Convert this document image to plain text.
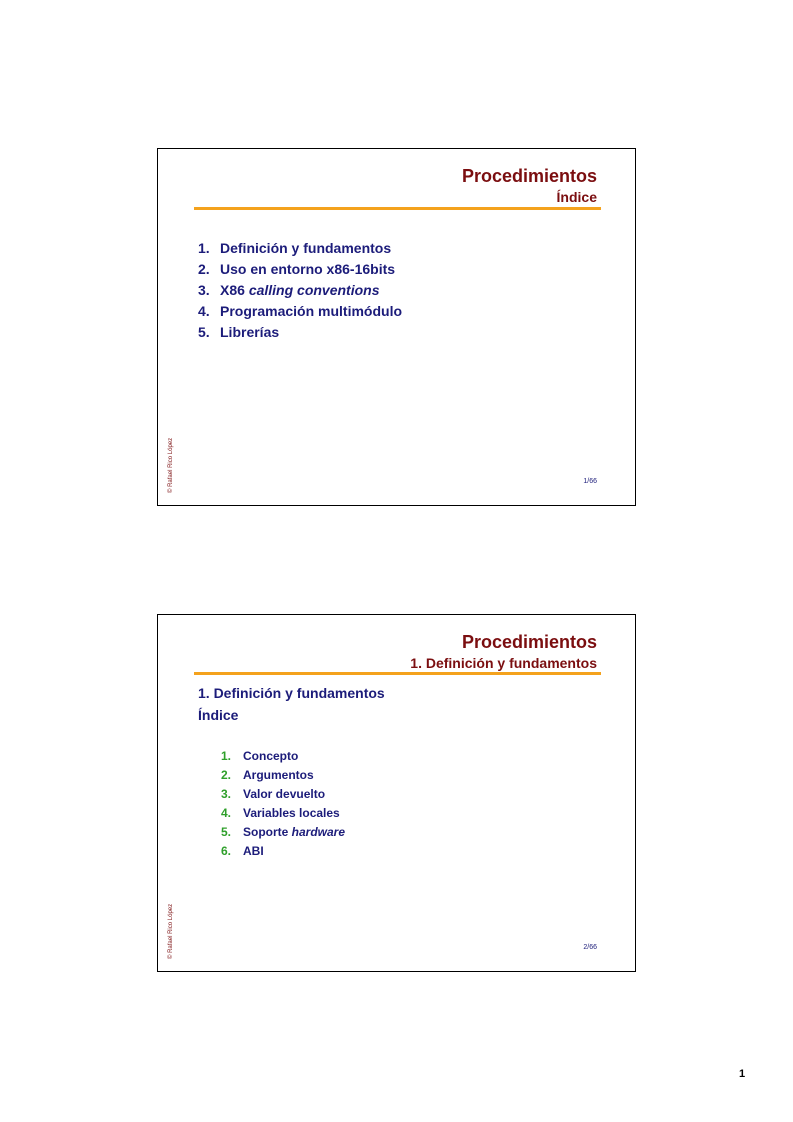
Procedimientos
Índice
1. Definición y fundamentos
2. Uso en entorno x86-16bits
3. X86 calling conventions
4. Programación multimódulo
5. Librerías
© Rafael Rico López	1/66
Procedimientos
1. Definición y fundamentos
1. Definición y fundamentos
Índice
1. Concepto
2. Argumentos
3. Valor devuelto
4. Variables locales
5. Soporte hardware
6. ABI
© Rafael Rico López	2/66
1
